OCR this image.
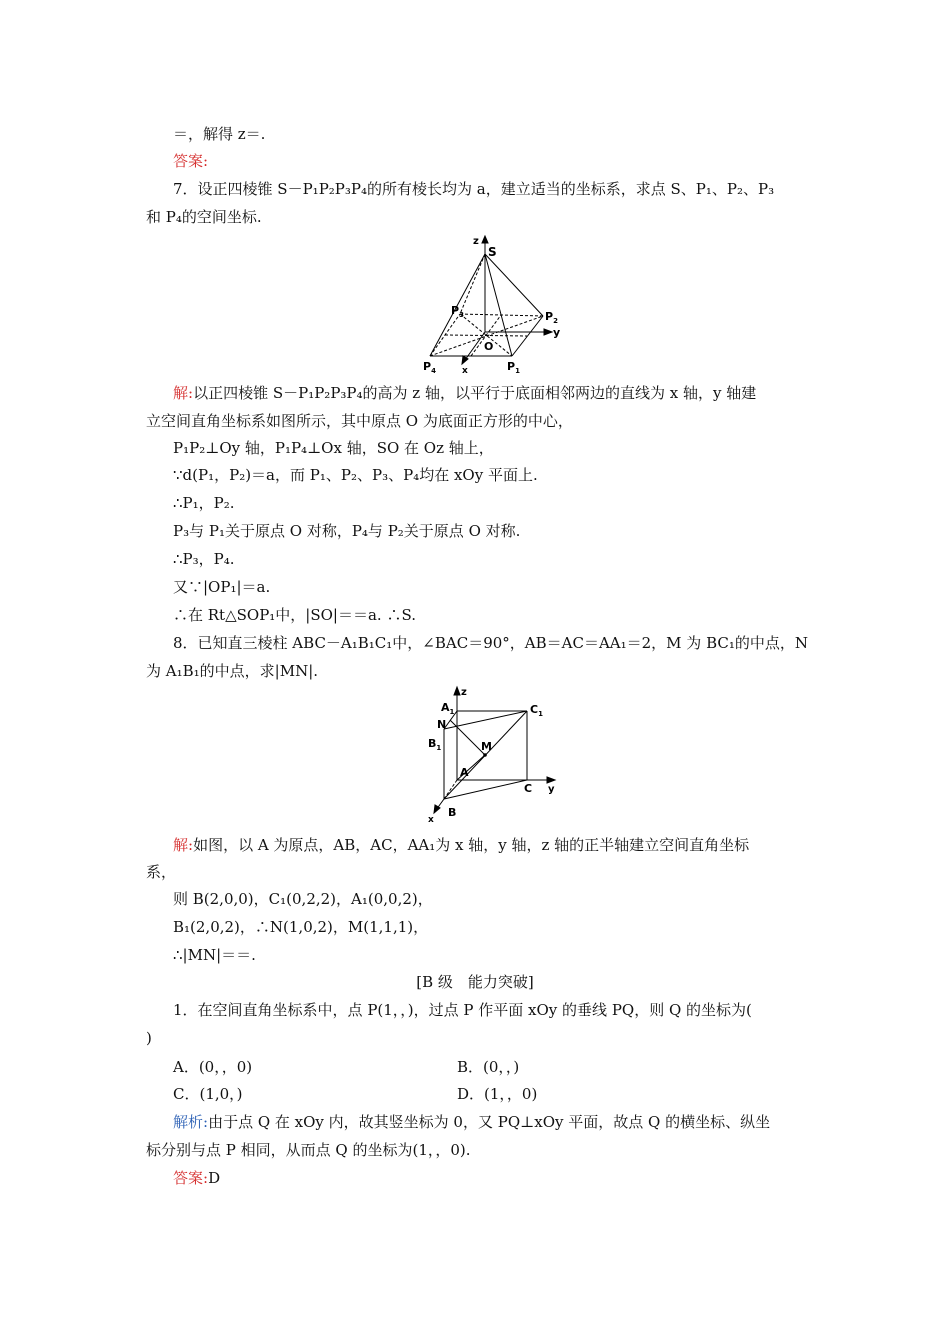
＝，解得 z＝.
答案:
7．设正四棱锥 S－P₁P₂P₃P₄的所有棱长均为 a，建立适当的坐标系，求点 S、P₁、P₂、P₃
和 P₄的空间坐标.
z
S
$P_3$	$P_2$
y
O
$P_4$	x	$P_1$
解:以正四棱锥 S－P₁P₂P₃P₄的高为 z 轴，以平行于底面相邻两边的直线为 x 轴，y 轴建
立空间直角坐标系如图所示，其中原点 O 为底面正方形的中心，
P₁P₂⊥Oy 轴，P₁P₄⊥Ox 轴，SO 在 Oz 轴上，
∵d(P₁，P₂)＝a，而 P₁、P₂、P₃、P₄均在 xOy 平面上.
∴P₁，P₂.
P₃与 P₁关于原点 O 对称，P₄与 P₂关于原点 O 对称.
∴P₃，P₄.
又∵|OP₁|＝a.
∴在 Rt△SOP₁中，|SO|＝＝a. ∴S.
8．已知直三棱柱 ABC－A₁B₁C₁中，∠BAC＝90°，AB＝AC＝AA₁＝2，M 为 BC₁的中点，N
为 A₁B₁的中点，求|MN|.
z
$A_1$	$C_1$
N
$B_1$	M
A
C y
B
x
解:如图，以 A 为原点，AB，AC，AA₁为 x 轴，y 轴，z 轴的正半轴建立空间直角坐标
系，
则 B(2,0,0)，C₁(0,2,2)，A₁(0,0,2)，
B₁(2,0,2)，∴N(1,0,2)，M(1,1,1)，
∴|MN|＝＝.
[B 级　能力突破]
1．在空间直角坐标系中，点 P(1，，)，过点 P 作平面 xOy 的垂线 PQ，则 Q 的坐标为(
)
A．(0，，0)	B．(0，，)
C．(1,0，)	D．(1，，0)
解析:由于点 Q 在 xOy 内，故其竖坐标为 0，又 PQ⊥xOy 平面，故点 Q 的横坐标、纵坐
标分别与点 P 相同，从而点 Q 的坐标为(1，，0).
答案:D
